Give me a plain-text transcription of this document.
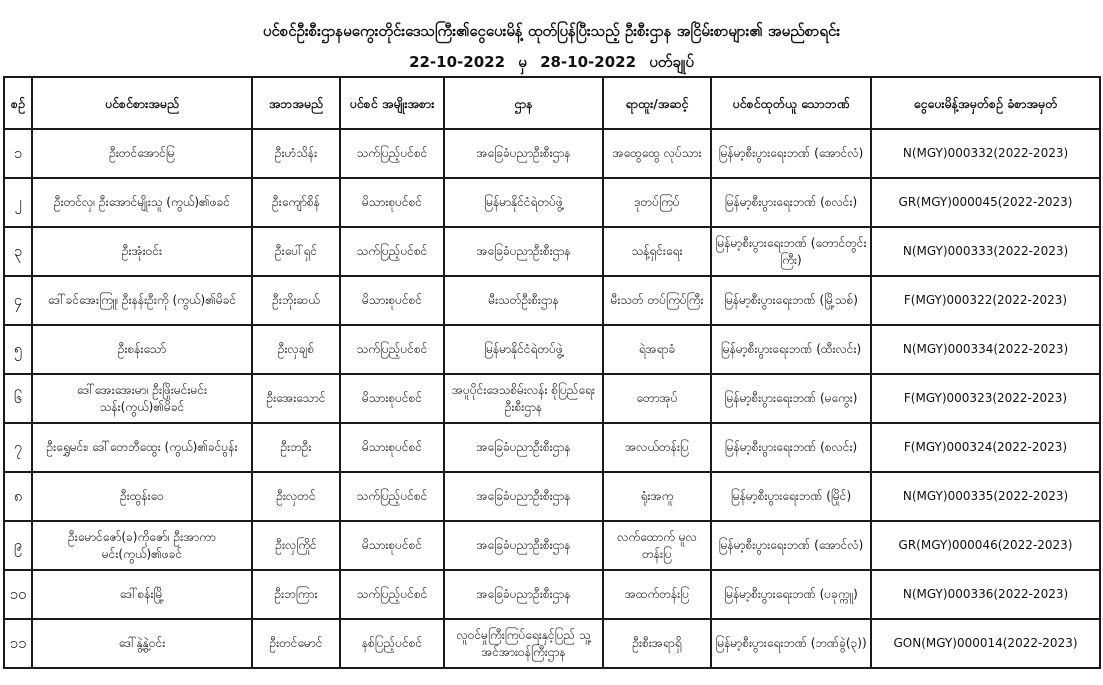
ပင်စင်ဦးစီးဌာနမကွေးတိုင်းဒေသကြီး၏ငွေပေးမိန့် ထုတ်ပြန်ပြီးသည့် ဦးစီးဌာန အငြိမ်းစာများ၏ အမည်စာရင်း
22-10-2022 မှ 28-10-2022 ပတ်ချုပ်
စဉ်	ပင်စင်စားအမည်	အဘအမည်	ပင်စင် အမျိုးအစား	ဌာန	ရာထူး/အဆင့်	ပင်စင်ထုတ်ယူ သောဘဏ်	ငွေပေးမိန့်အမှတ်စဉ် ခံစာအမှတ်
၁	ဦးတင်အောင်မြ	ဦးဟံသိန်း	သက်ပြည့်ပင်စင်	အခြေခံပညာဦးစီးဌာန	အထွေထွေ လုပ်သား	မြန်မာ့စီးပွားရေးဘဏ် (အောင်လံ)	N(MGY)000332(2022-2023)
၂	ဦးတင်လှ၊ ဦးအောင်မျိုးသူ (ကွယ်)၏ဖခင်	ဦးကျော်စိန်	မိသားစုပင်စင်	မြန်မာနိုင်ငံရဲတပ်ဖွဲ့	ဒုတပ်ကြပ်	မြန်မာ့စီးပွားရေးဘဏ် (စလင်း)	GR(MGY)000045(2022-2023)
၃	ဦးအုံးဝင်း	ဦးပေါ်ရှင်	သက်ပြည့်ပင်စင်	အခြေခံပညာဦးစီးဌာန	သန့်ရှင်းရေး	မြန်မာ့စီးပွားရေးဘဏ် (တောင်တွင်းကြီး)	N(MGY)000333(2022-2023)
၄	ဒေါ်ခင်အေးကြူ၊ ဦးနန်းဦးကို (ကွယ်)၏မိခင်	ဦးဘိုးဆယ်	မိသားစုပင်စင်	မီးသတ်ဦးစီးဌာန	မီးသတ် တပ်ကြပ်ကြီး	မြန်မာ့စီးပွားရေးဘဏ် (မြို့သစ်)	F(MGY)000322(2022-2023)
၅	ဦးစန်းသော်	ဦးလှချစ်	သက်ပြည့်ပင်စင်	မြန်မာနိုင်ငံရဲတပ်ဖွဲ့	ရဲအရာခံ	မြန်မာ့စီးပွားရေးဘဏ် (ထီးလင်း)	N(MGY)000334(2022-2023)
၆	ဒေါ်အေးအေးမာ၊ ဦးဖြိုးမင်းမင်းသန်း(ကွယ်)၏မိခင်	ဦးအေးသောင်	မိသားစုပင်စင်	အပူပိုင်းဒေသစိမ်းလန်း စိုပြည်ရေးဦးစီးဌာန	တောအုပ်	မြန်မာ့စီးပွားရေးဘဏ် (မကွေး)	F(MGY)000323(2022-2023)
၇	ဦးရွှေမင်း၊ ဒေါ်တေဘီထွေး (ကွယ်)၏ခင်ပွန်း	ဦးဘဦး	မိသားစုပင်စင်	အခြေခံပညာဦးစီးဌာန	အလယ်တန်းပြ	မြန်မာ့စီးပွားရေးဘဏ် (စလင်း)	F(MGY)000324(2022-2023)
၈	ဦးထွန်းဝေ	ဦးလှတင်	သက်ပြည့်ပင်စင်	အခြေခံပညာဦးစီးဌာန	ရုံးအကူ	မြန်မာ့စီးပွားရေးဘဏ် (မြိုင်)	N(MGY)000335(2022-2023)
၉	ဦးမောင်ဇော်(ခ)ကိုဇော်၊ ဦးအာကာမင်း(ကွယ်)၏ဖခင်	ဦးလှကြိုင်	မိသားစုပင်စင်	အခြေခံပညာဦးစီးဌာန	လက်ထောက် မူလတန်းပြ	မြန်မာ့စီးပွားရေးဘဏ် (အောင်လံ)	GR(MGY)000046(2022-2023)
၁၀	ဒေါ်စန်းမြို့	ဦးဘကြား	သက်ပြည့်ပင်စင်	အခြေခံပညာဦးစီးဌာန	အထက်တန်းပြ	မြန်မာ့စီးပွားရေးဘဏ် (ပခုက္ကူ)	N(MGY)000336(2022-2023)
၁၁	ဒေါ်နွဲ့နွဲ့ဝင်း	ဦးတင်မောင်	နစ်ပြည့်ပင်စင်	လူဝင်မှုကြီးကြပ်ရေးနှင့်ပြည် သူ့အင်အားဝန်ကြီးဌာန	ဦးစီးအရာရှိ	မြန်မာ့စီးပွားရေးဘဏ် (ဘဏ်ခွဲ(၃))	GON(MGY)000014(2022-2023)
